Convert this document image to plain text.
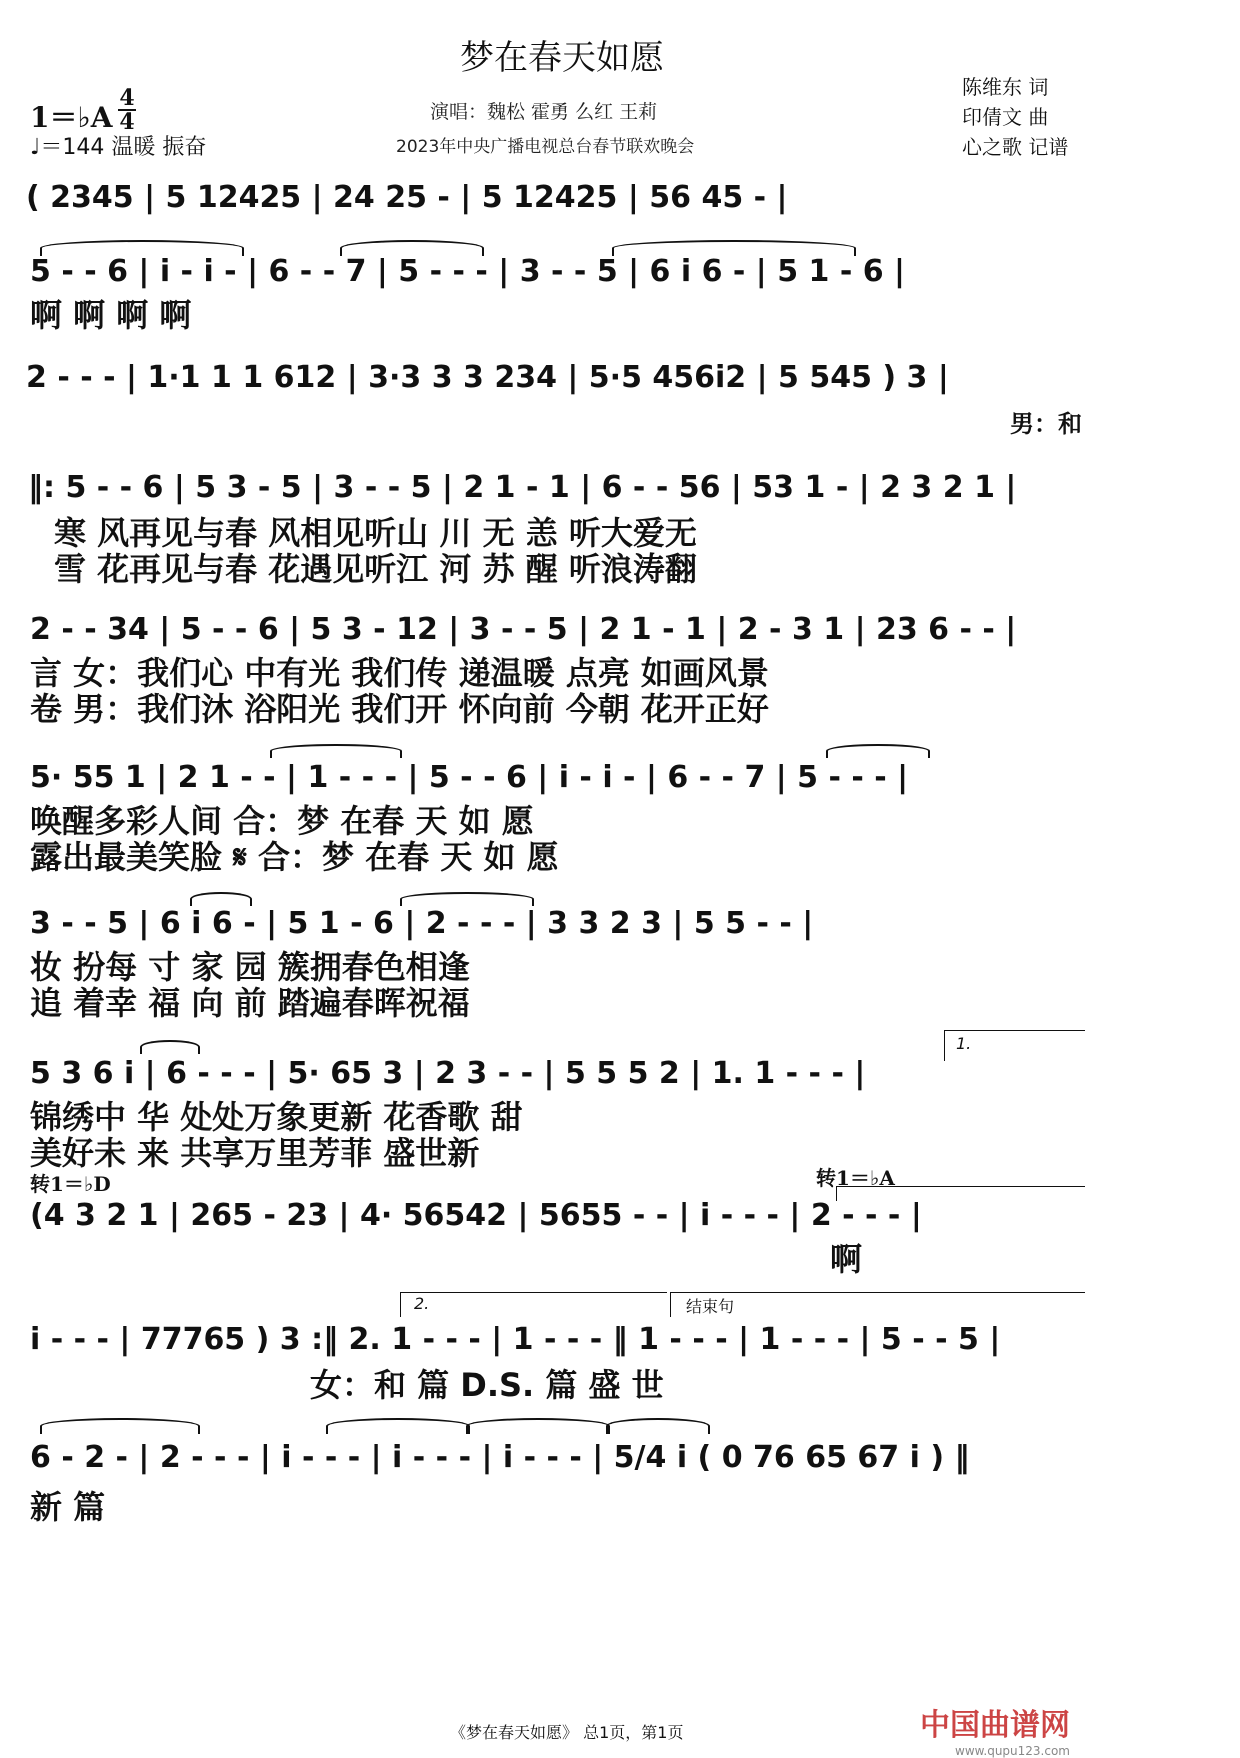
梦在春天如愿
演唱：魏松 霍勇 么红 王莉
2023年中央广播电视总台春节联欢晚会
陈维东 词
印倩文 曲
心之歌 记谱
1＝♭A
4
4
♩＝144 温暖 振奋
( 2345 | 5 12425 | 24 25 - | 5 12425 | 56 45 - |
5 - - 6 | i - i - | 6 - - 7 | 5 - - - | 3 - - 5 | 6 i 6 - | 5 1 - 6 |
啊 啊 啊 啊
2 - - - | 1·1 1 1 612 | 3·3 3 3 234 | 5·5 456i2 | 5 545 ) 3 |
男：和
‖: 5 - - 6 | 5 3 - 5 | 3 - - 5 | 2 1 - 1 | 6 - - 56 | 53 1 - | 2 3 2 1 |
寒 风再见与春 风相见听山 川 无 恙 听大爱无
雪 花再见与春 花遇见听江 河 苏 醒 听浪涛翻
2 - - 34 | 5 - - 6 | 5 3 - 12 | 3 - - 5 | 2 1 - 1 | 2 - 3 1 | 23 6 - - |
言 女：我们心 中有光 我们传 递温暖 点亮 如画风景
卷 男：我们沐 浴阳光 我们开 怀向前 今朝 花开正好
5· 55 1 | 2 1 - - | 1 - - - | 5 - - 6 | i - i - | 6 - - 7 | 5 - - - |
唤醒多彩人间 合：梦 在春 天 如 愿
露出最美笑脸 𝄋 合：梦 在春 天 如 愿
3 - - 5 | 6 i 6 - | 5 1 - 6 | 2 - - - | 3 3 2 3 | 5 5 - - |
妆 扮每 寸 家 园 簇拥春色相逢
追 着幸 福 向 前 踏遍春晖祝福
1.
5 3 6 i | 6 - - - | 5· 65 3 | 2 3 - - | 5 5 5 2 | 1. 1 - - - |
锦绣中 华 处处万象更新 花香歌 甜
美好未 来 共享万里芳菲 盛世新
转1＝♭D	转1＝♭A
(4 3 2 1 | 265 - 23 | 4· 56542 | 5655 - - | i - - - | 2 - - - |
啊
2.	结束句
i - - - | 77765 ) 3 :‖ 2. 1 - - - | 1 - - - ‖ 1 - - - | 1 - - - | 5 - - 5 |
女：和 篇 D.S. 篇 盛 世
6 - 2 - | 2 - - - | i - - - | i - - - | i - - - | 5/4 i ( 0 76 65 67 i ) ‖
新 篇
《梦在春天如愿》 总1页，第1页	中国曲谱网
www.qupu123.com
